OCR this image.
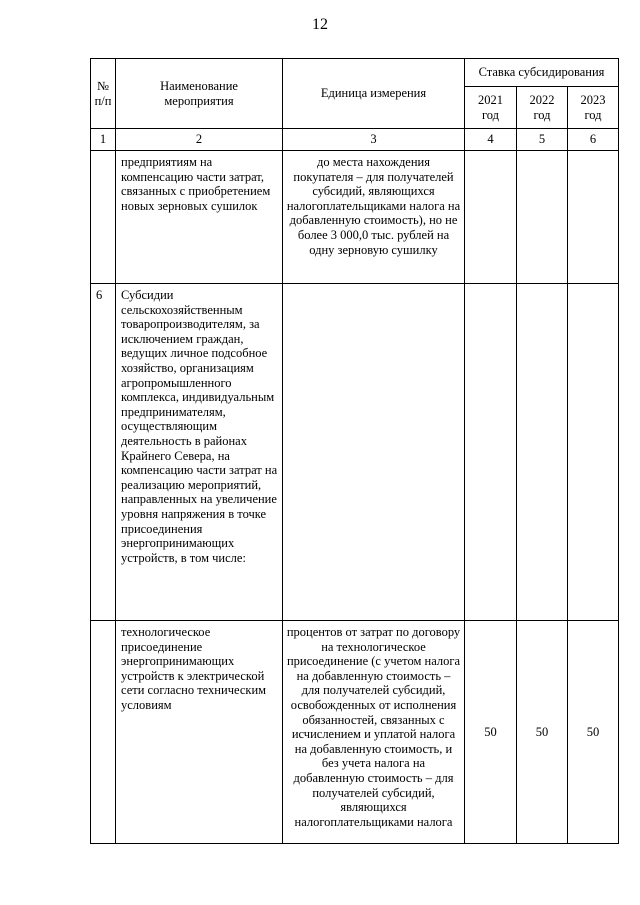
12
№ п/п	Наименование мероприятия	Единица измерения	Ставка субсидирования		
			2021 год	2022 год	2023 год
1	2	3	4	5	6
	предприятиям на компенсацию части затрат, связанных с приобретением новых зерновых сушилок	до места нахождения покупателя – для получателей субсидий, являющихся налогоплательщиками налога на добавленную стоимость), но не более 3 000,0 тыс. рублей на одну зерновую сушилку			
6	Субсидии сельскохозяйственным товаропроизводителям, за исключением граждан, ведущих личное подсобное хозяйство, организациям агропромышленного комплекса, индивидуальным предпринимателям, осуществляющим деятельность в районах Крайнего Севера, на компенсацию части затрат на реализацию мероприятий, направленных на увеличение уровня напряжения в точке присоединения энергопринимающих устройств, в том числе:				
	технологическое присоединение энергопринимающих устройств к электрической сети согласно техническим условиям	процентов от затрат по договору на технологическое присоединение (с учетом налога на добавленную стоимость – для получателей субсидий, освобожденных от исполнения обязанностей, связанных с исчислением и уплатой налога на добавленную стоимость, и без учета налога на добавленную стоимость – для получателей субсидий, являющихся налогоплательщиками налога	50	50	50
